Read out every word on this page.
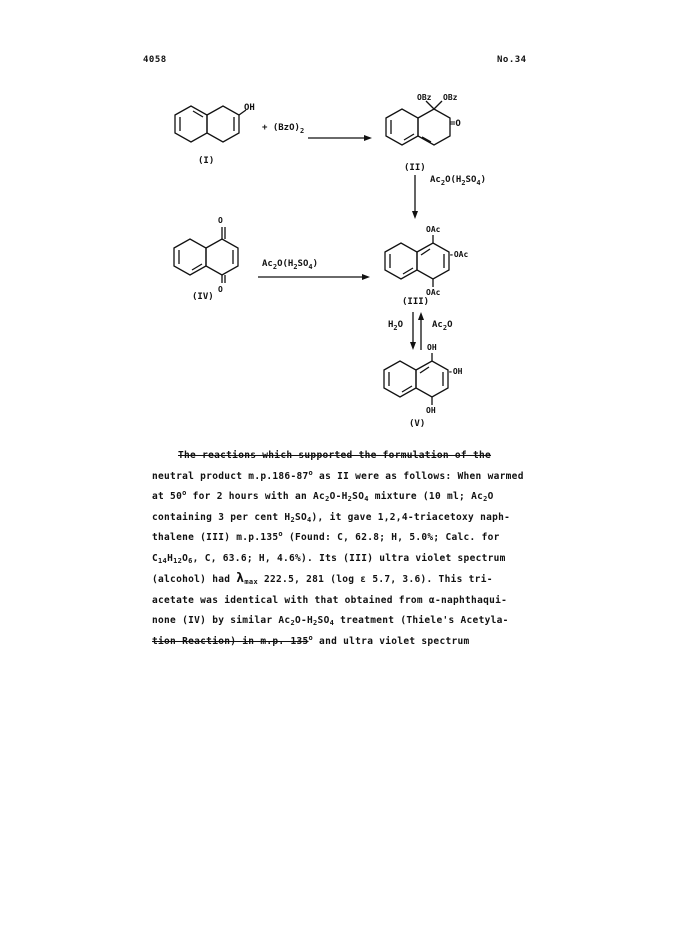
4058	No.34
OH
(I)
+ $(BzO)_2$
OBz OBz
=O
(II)
$Ac_2O(H_2SO_4)$
O
O
(IV)
$Ac_2O(H_2SO_4)$
OAc
-OAc
OAc
(III)
$H_2O$	$Ac_2O$
OH
-OH
OH
(V)
The reactions which supported the formulation of the
neutral product m.p.186-87$^o$ as II were as follows: When warmed
at 50$^o$ for 2 hours with an $Ac_2O-H_2SO_4$ mixture (10 ml; $Ac_2O$
containing 3 per cent $H_2SO_4$), it gave 1,2,4-triacetoxy naph-
thalene (III) m.p.135$^o$ (Found: C, 62.8; H, 5.0%; Calc. for
$C_{14}H_{12}O_6$, C, 63.6; H, 4.6%). Its (III) ultra violet spectrum
(alcohol) had $\lambda_{max}$ 222.5, 281 (log ε 5.7, 3.6). This tri-
acetate was identical with that obtained from α-naphthaqui-
none (IV) by similar $Ac_2O-H_2SO_4$ treatment (Thiele's Acetyla-
tion Reaction) in m.p. 135$^o$ and ultra violet spectrum
